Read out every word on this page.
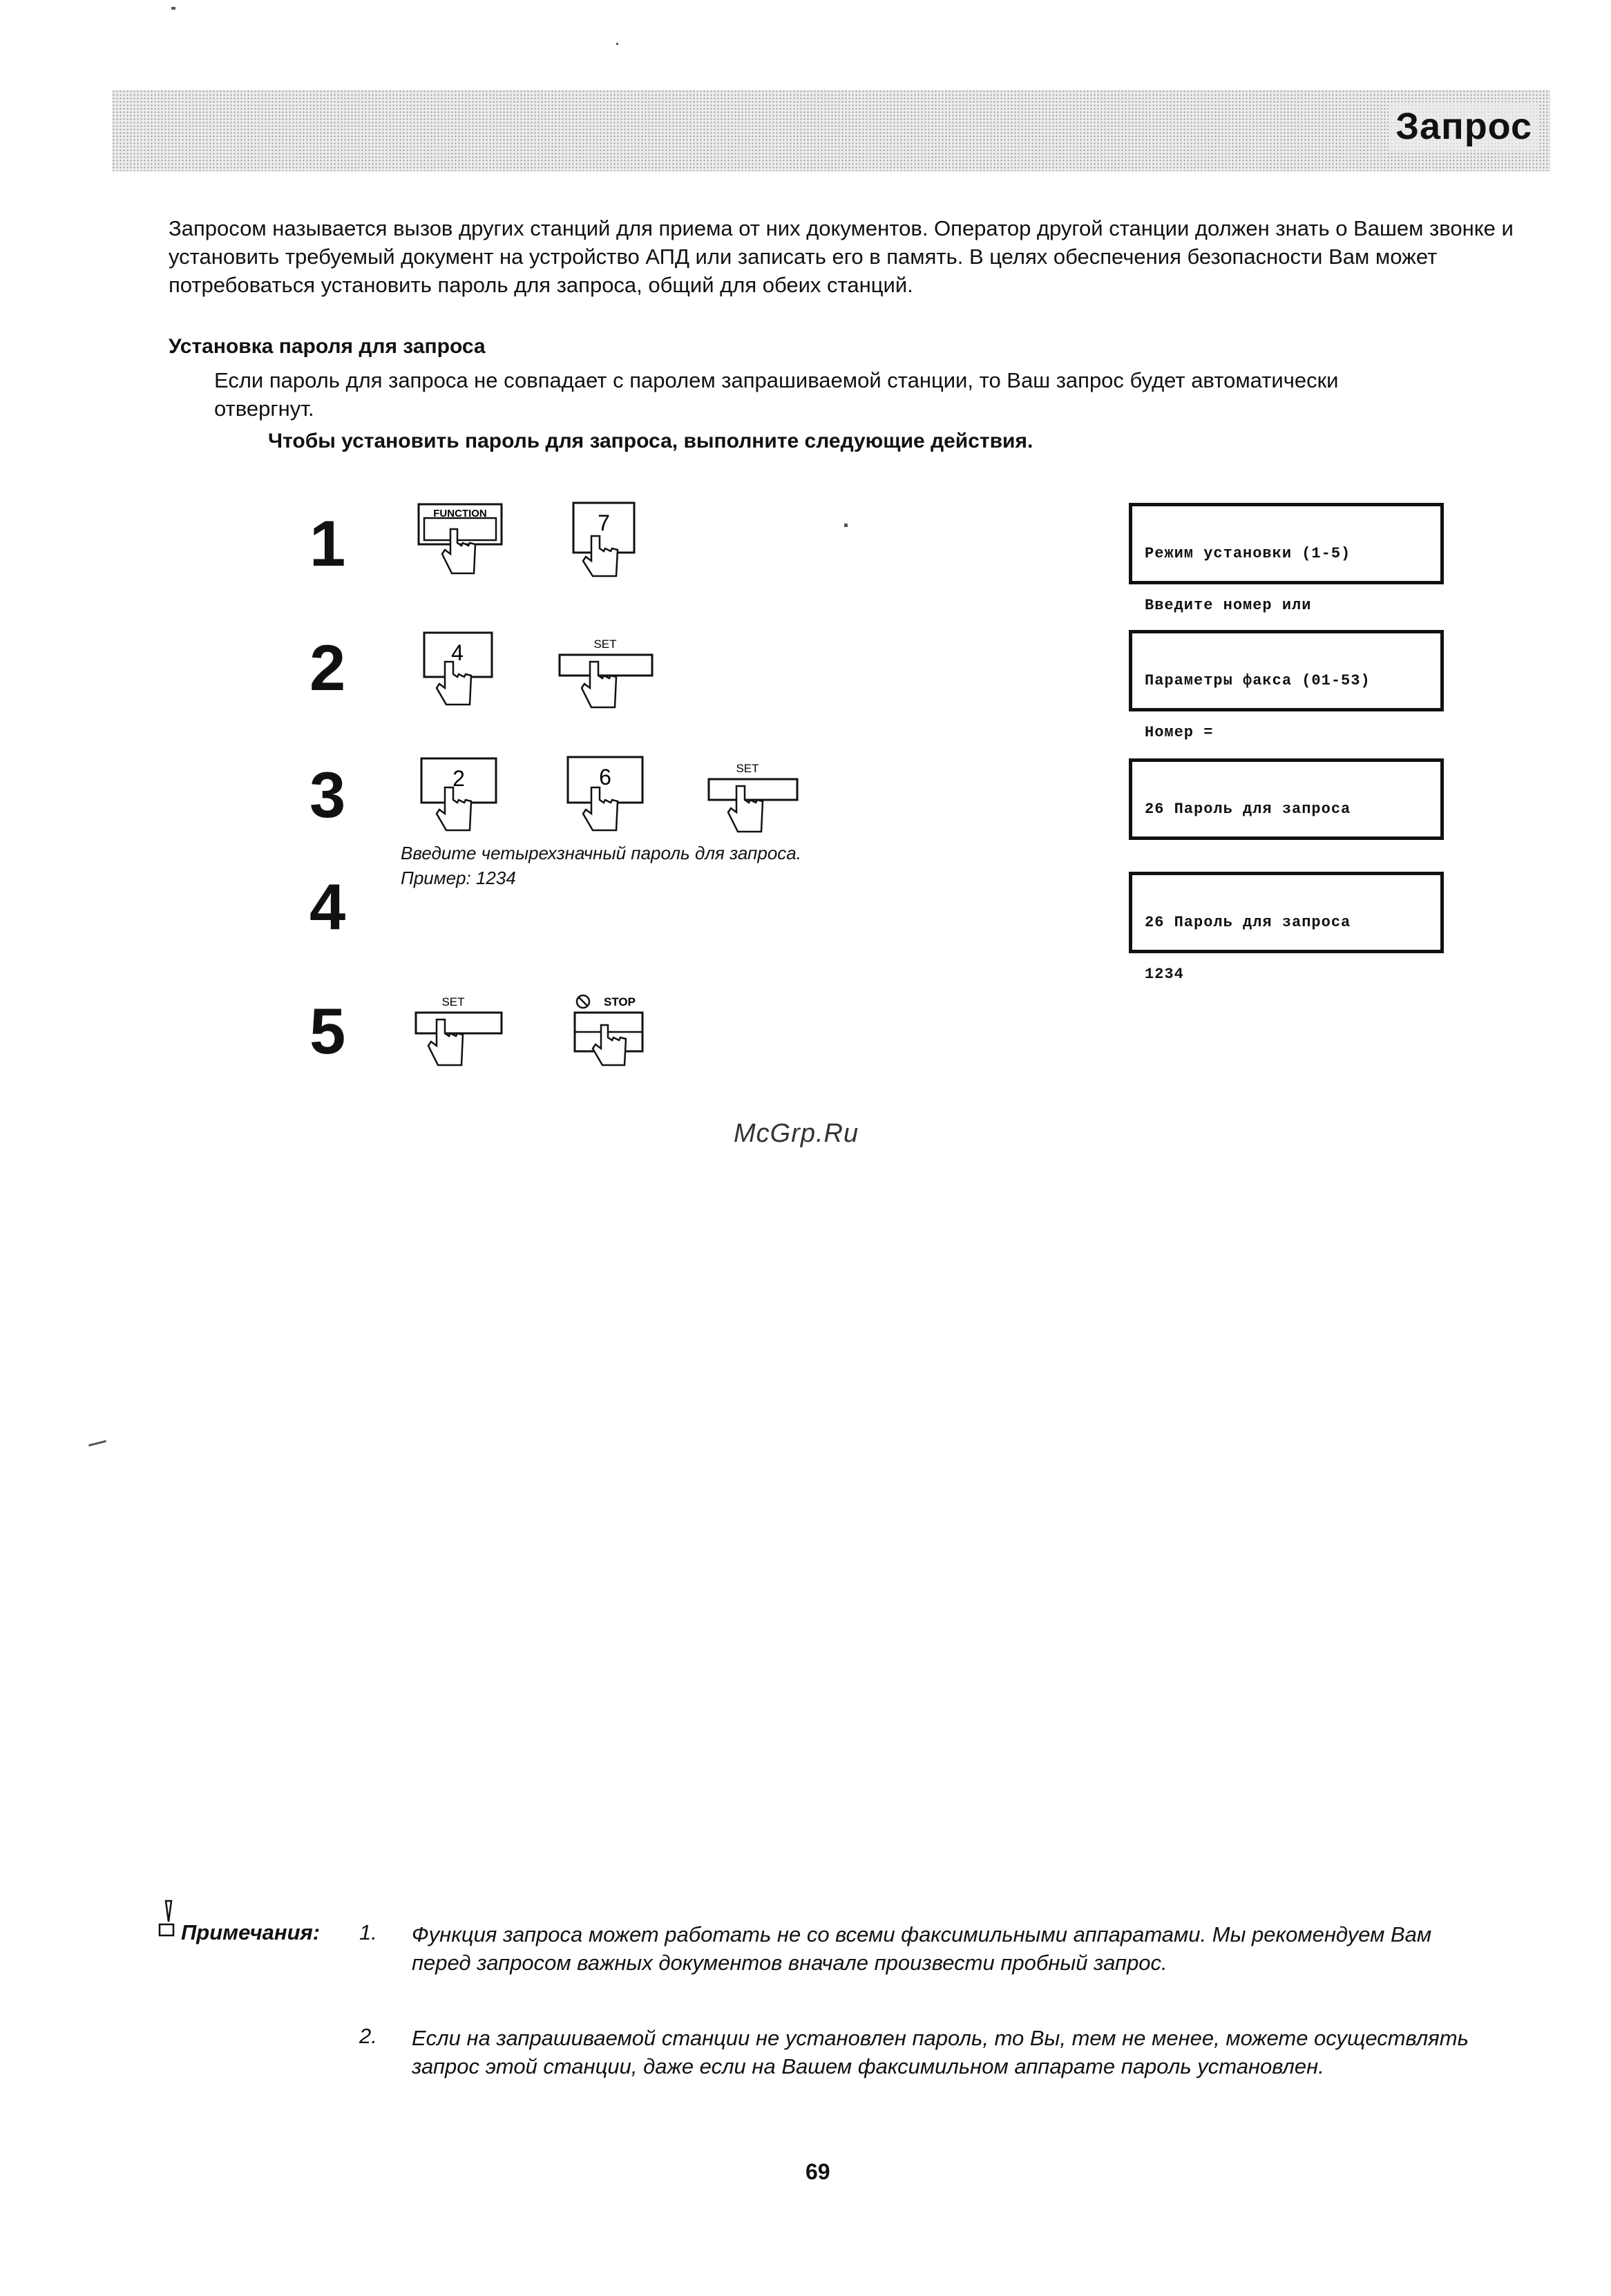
Запрос

Запросом называется вызов других станций для приема от них документов. Оператор другой станции должен знать о Вашем звонке и установить требуемый документ на устройство АПД или записать его в память. В целях обеспечения безопасности Вам может потребоваться установить пароль для запроса, общий для обеих станций.

Установка пароля для запроса

Если пароль для запроса не совпадает с паролем запрашиваемой станции, то Ваш запрос будет автоматически отвергнут.

Чтобы установить пароль для запроса, выполните следующие действия.
1
2
3
4
5
FUNCTION	7
4	SET
2	6	SET
Введите четырехзначный пароль для запроса.
Пример: 1234
SET	STOP

Режим установки (1-5)

Введите номер или

Параметры факса (01-53)

Номер =

26 Пароль для запроса

26 Пароль для запроса

1234

McGrp.Ru
Примечания: 1. Функция запроса может работать не со всеми факсимильными аппаратами. Мы рекомендуем Вам перед запросом важных документов вначале произвести пробный запрос.

2. Если на запрашиваемой станции не установлен пароль, то Вы, тем не менее, можете осуществлять запрос этой станции, даже если на Вашем факсимильном аппарате пароль установлен.

69
